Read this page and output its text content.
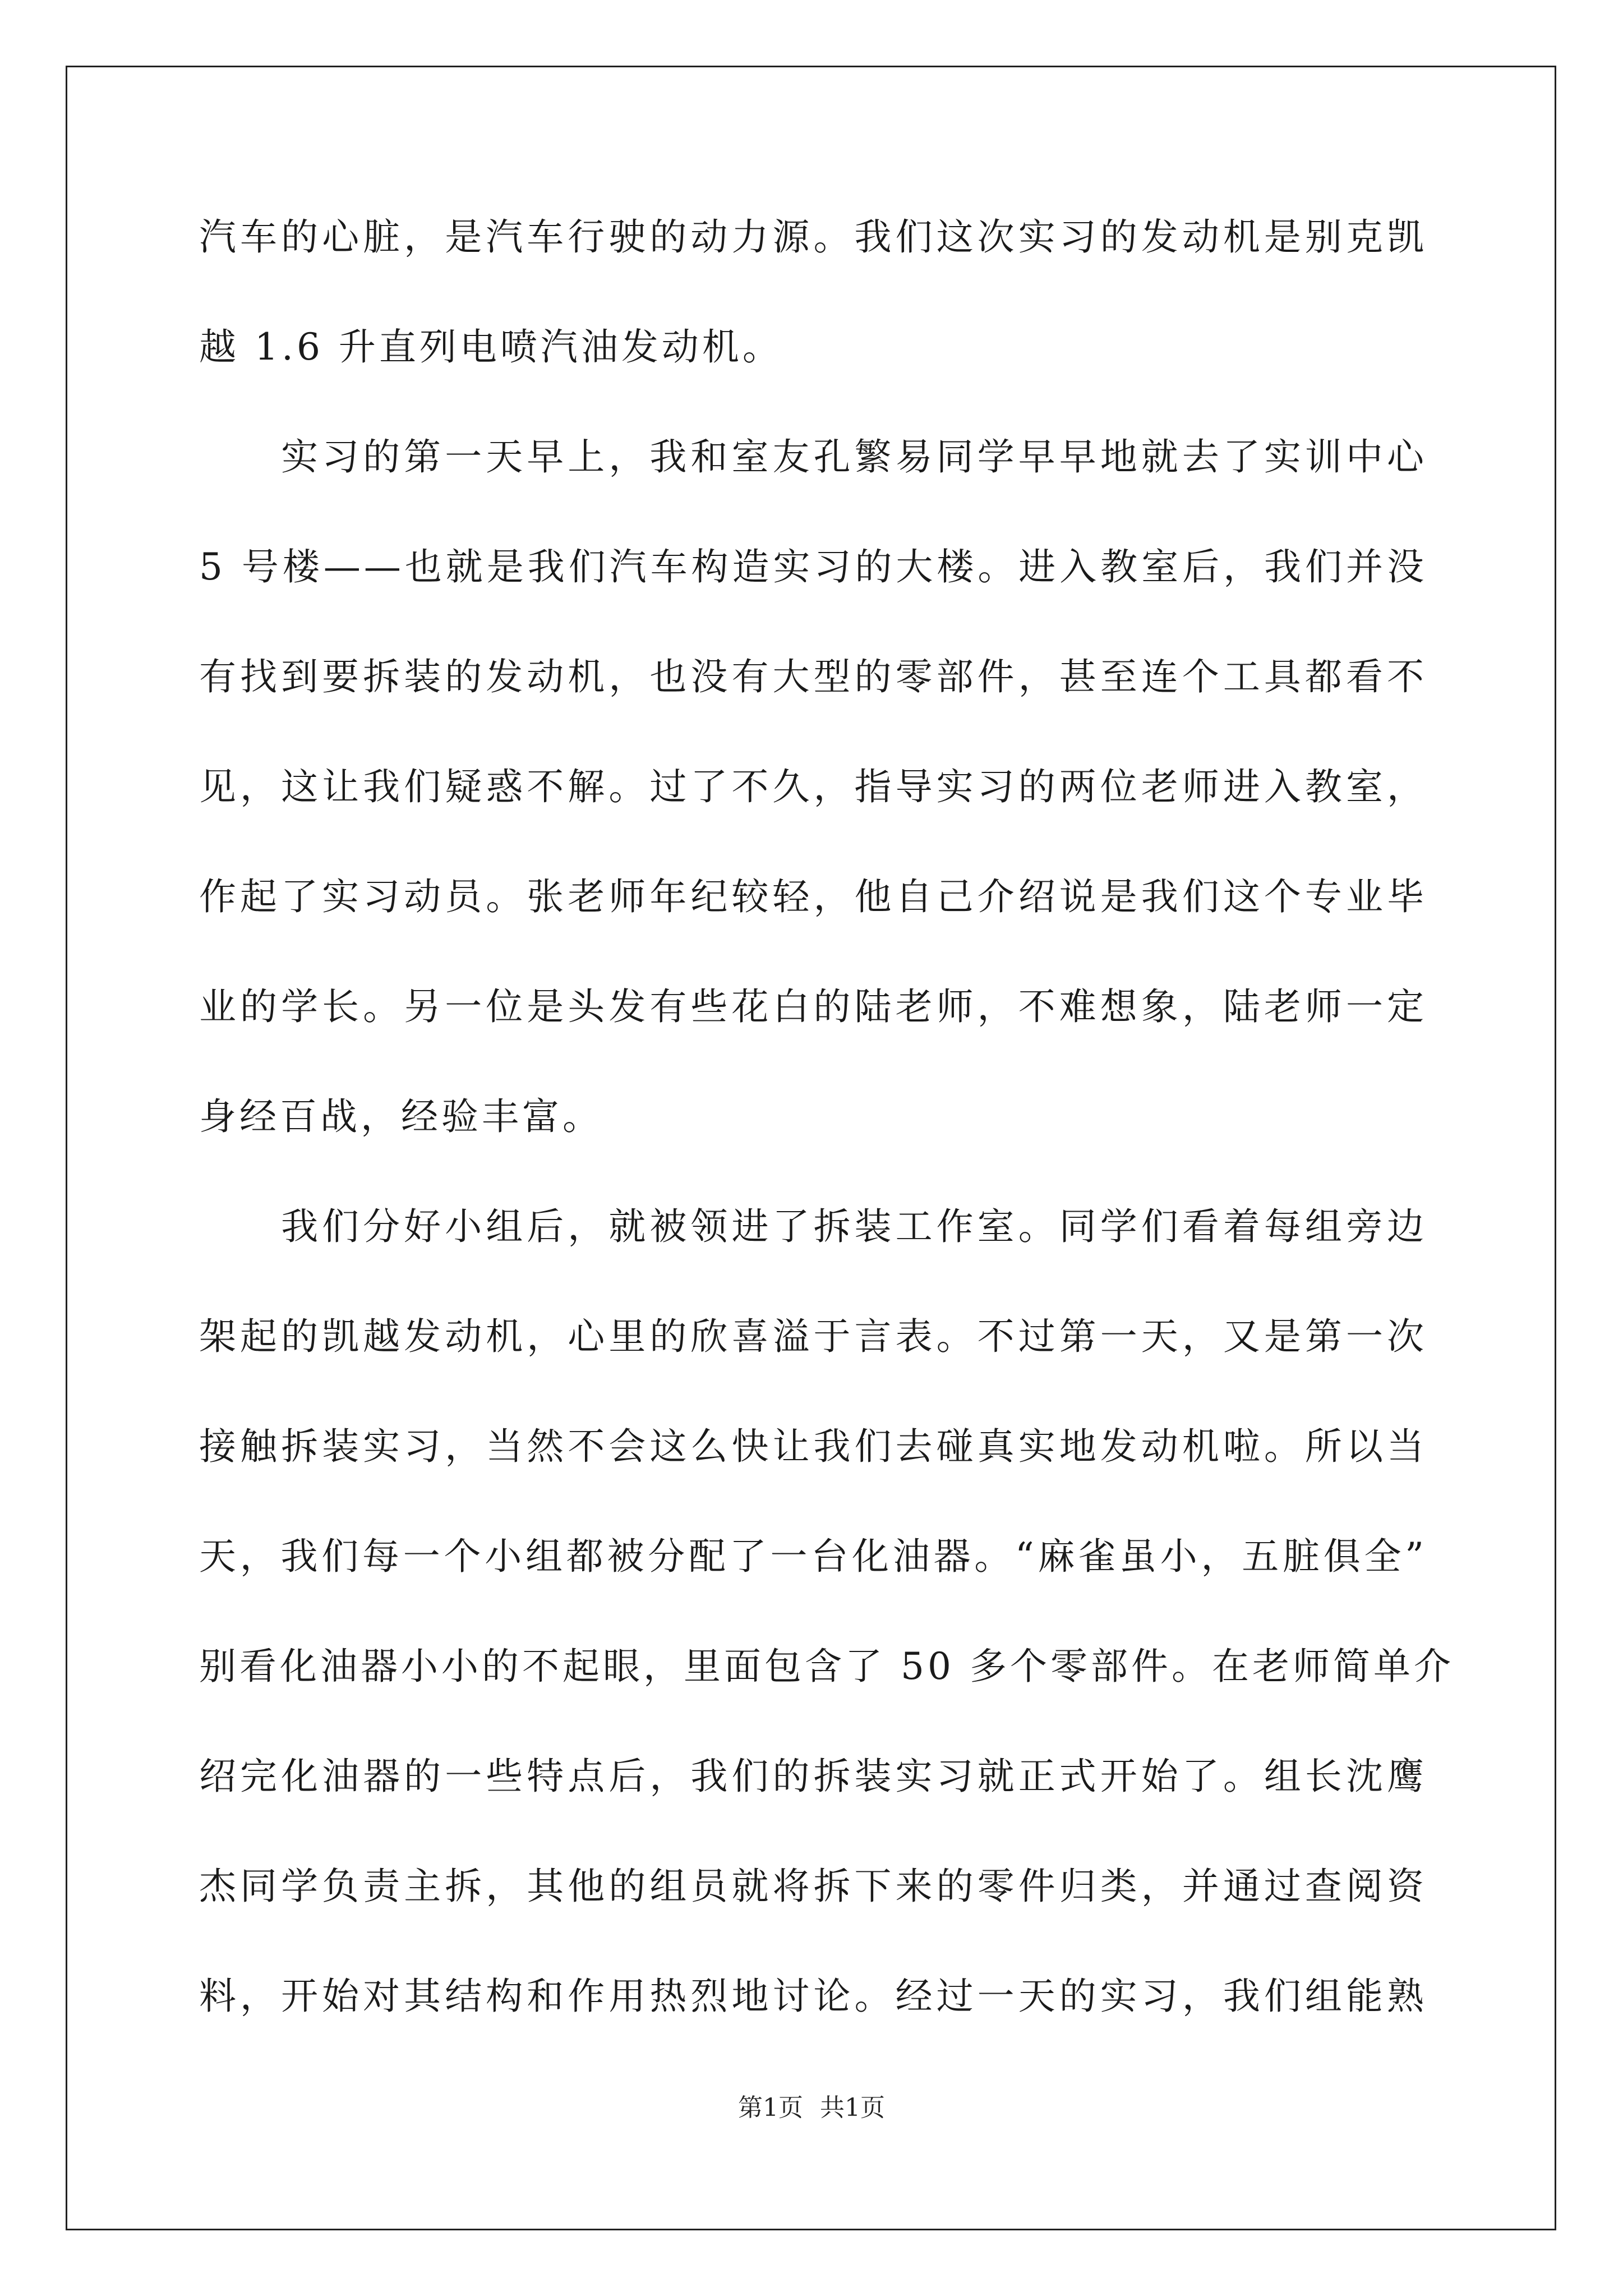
汽车的心脏，是汽车行驶的动力源。我们这次实习的发动机是别克凯
越 1.6 升直列电喷汽油发动机。
　　实习的第一天早上，我和室友孔繁易同学早早地就去了实训中心
5 号楼——也就是我们汽车构造实习的大楼。进入教室后，我们并没
有找到要拆装的发动机，也没有大型的零部件，甚至连个工具都看不
见，这让我们疑惑不解。过了不久，指导实习的两位老师进入教室，
作起了实习动员。张老师年纪较轻，他自己介绍说是我们这个专业毕
业的学长。另一位是头发有些花白的陆老师，不难想象，陆老师一定
身经百战，经验丰富。
　　我们分好小组后，就被领进了拆装工作室。同学们看着每组旁边
架起的凯越发动机，心里的欣喜溢于言表。不过第一天，又是第一次
接触拆装实习，当然不会这么快让我们去碰真实地发动机啦。所以当
天，我们每一个小组都被分配了一台化油器。“麻雀虽小，五脏俱全”
别看化油器小小的不起眼，里面包含了 50 多个零部件。在老师简单介
绍完化油器的一些特点后，我们的拆装实习就正式开始了。组长沈鹰
杰同学负责主拆，其他的组员就将拆下来的零件归类，并通过查阅资
料，开始对其结构和作用热烈地讨论。经过一天的实习，我们组能熟
第1页 共1页
